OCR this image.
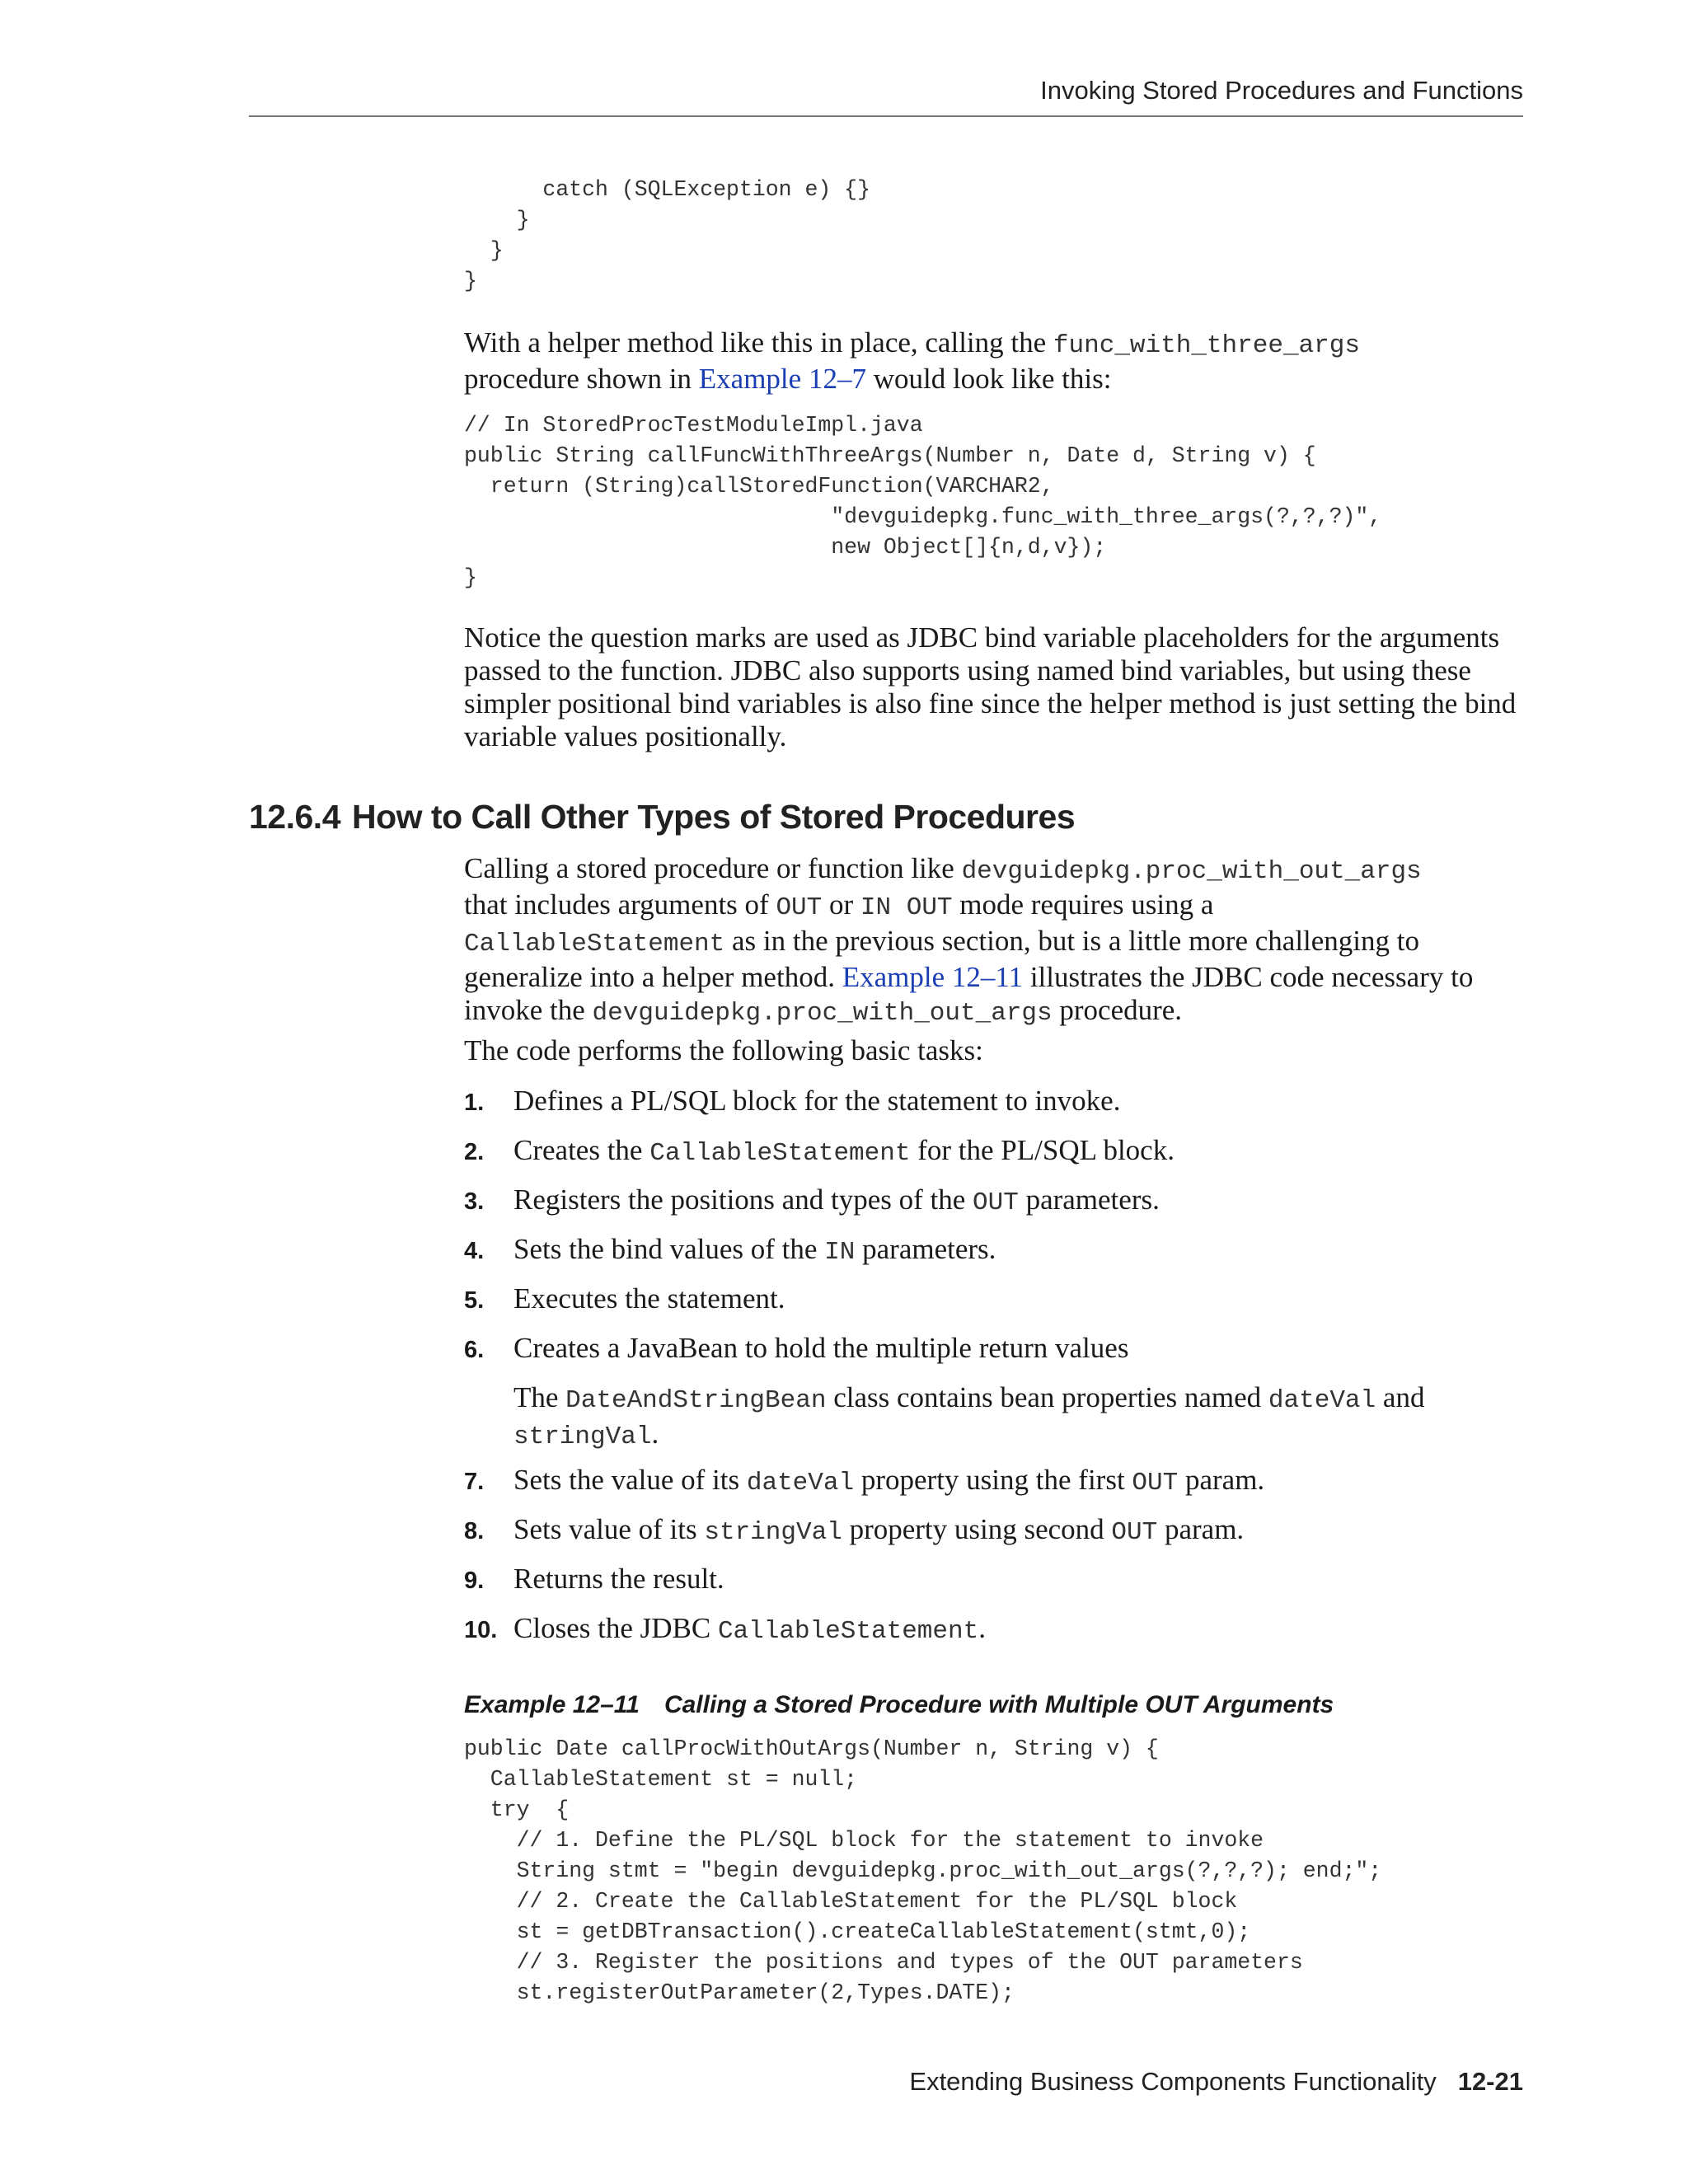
Invoking Stored Procedures and Functions
catch (SQLException e) {}
}
}
}

With a helper method like this in place, calling the func_with_three_args
procedure shown in Example 12–7 would look like this:

// In StoredProcTestModuleImpl.java
public String callFuncWithThreeArgs(Number n, Date d, String v) {
return (String)callStoredFunction(VARCHAR2,
"devguidepkg.func_with_three_args(?,?,?)",
new Object[]{n,d,v});
}

Notice the question marks are used as JDBC bind variable placeholders for the arguments passed to the function. JDBC also supports using named bind variables, but using these simpler positional bind variables is also fine since the helper method is just setting the bind variable values positionally.

12.6.4 How to Call Other Types of Stored Procedures

Calling a stored procedure or function like devguidepkg.proc_with_out_args
that includes arguments of OUT or IN OUT mode requires using a
CallableStatement as in the previous section, but is a little more challenging to
generalize into a helper method. Example 12–11 illustrates the JDBC code necessary to
invoke the devguidepkg.proc_with_out_args procedure.

The code performs the following basic tasks:

1. Defines a PL/SQL block for the statement to invoke.
2. Creates the CallableStatement for the PL/SQL block.
3. Registers the positions and types of the OUT parameters.
4. Sets the bind values of the IN parameters.
5. Executes the statement.
6. Creates a JavaBean to hold the multiple return values
The DateAndStringBean class contains bean properties named dateVal and
stringVal.
7. Sets the value of its dateVal property using the first OUT param.
8. Sets value of its stringVal property using second OUT param.
9. Returns the result.
10. Closes the JDBC CallableStatement.
Example 12–11 Calling a Stored Procedure with Multiple OUT Arguments
public Date callProcWithOutArgs(Number n, String v) {
CallableStatement st = null;
try  {
// 1. Define the PL/SQL block for the statement to invoke
String stmt = "begin devguidepkg.proc_with_out_args(?,?,?); end;";
// 2. Create the CallableStatement for the PL/SQL block
st = getDBTransaction().createCallableStatement(stmt,0);
// 3. Register the positions and types of the OUT parameters
st.registerOutParameter(2,Types.DATE);
Extending Business Components Functionality 12-21
